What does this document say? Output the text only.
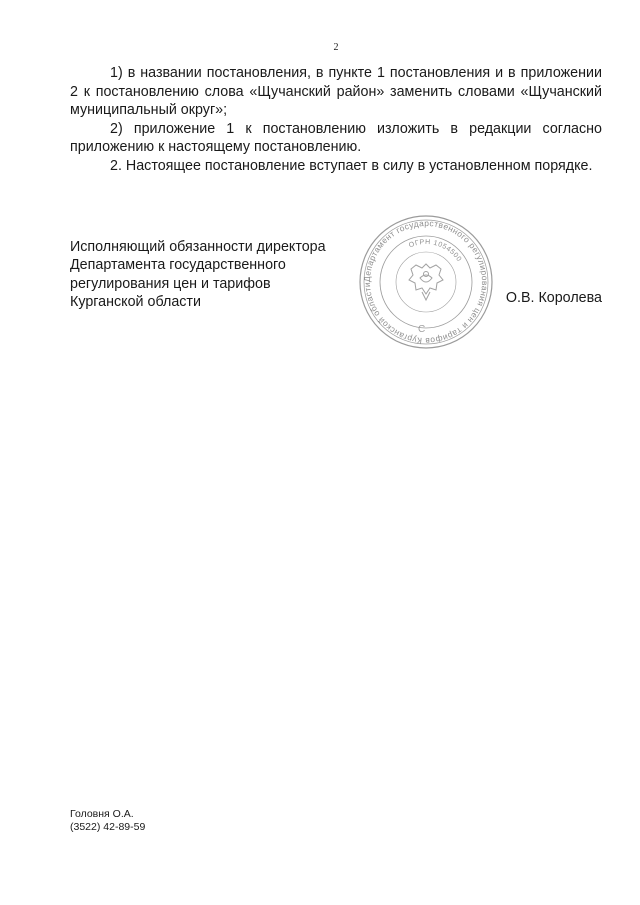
2

1) в названии постановления, в пункте 1 постановления и в приложении 2 к постановлению слова «Щучанский район» заменить словами «Щучанский муниципальный округ»;

2) приложение 1 к постановлению изложить в редакции согласно приложению к настоящему постановлению.

2. Настоящее постановление вступает в силу в установленном порядке.

Исполняющий обязанности директора
Департамента государственного
регулирования цен и тарифов
Курганской области
Департамент государственного регулирования цен и тарифов Курганской области
ОГРН 1054500
С
О.В. Королева
Головня О.А.
(3522) 42-89-59
